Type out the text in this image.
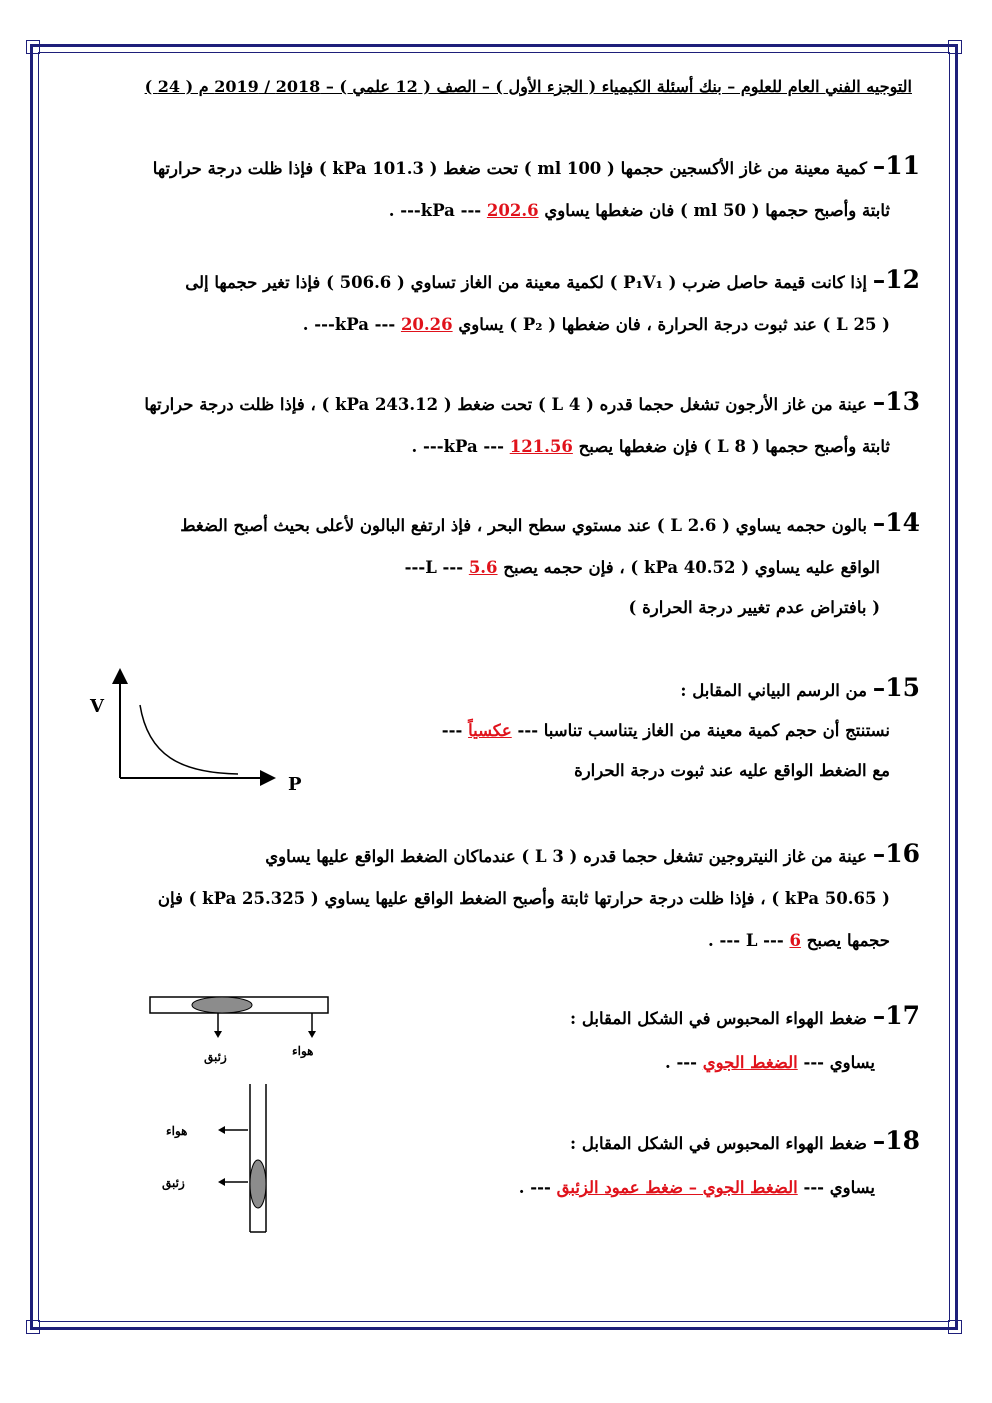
التوجيه الفني العام للعلوم – بنك أسئلة الكيمياء ( الجزء الأول ) – الصف ( 12 علمي ) – 2018 / 2019 م ( 24 )
11– كمية معينة من غاز الأكسجين حجمها ( 100 ml ) تحت ضغط ( 101.3 kPa ) فإذا ظلت درجة حرارتها
ثابتة وأصبح حجمها ( 50 ml ) فان ضغطها يساوي kPa --- 202.6--- .
12– إذا كانت قيمة حاصل ضرب ( P₁V₁ ) لكمية معينة من الغاز تساوي ( 506.6 ) فإذا تغير حجمها إلى
( 25 L ) عند ثبوت درجة الحرارة ، فان ضغطها ( P₂ ) يساوي kPa --- 20.26--- .
13– عينة من غاز الأرجون تشغل حجما قدره ( 4 L ) تحت ضغط ( 243.12 kPa ) ، فإذا ظلت درجة حرارتها
ثابتة وأصبح حجمها ( 8 L ) فإن ضغطها يصبح kPa --- 121.56--- .
14– بالون حجمه يساوي ( 2.6 L ) عند مستوي سطح البحر ، فإذ ارتفع البالون لأعلى بحيث أصبح الضغط
الواقع عليه يساوي ( 40.52 kPa ) ، فإن حجمه يصبح L --- 5.6---
( بافتراض عدم تغيير درجة الحرارة )
15– من الرسم البياني المقابل :
نستنتج أن حجم كمية معينة من الغاز يتناسب تناسبا --- عكسياً ---
مع الضغط الواقع عليه عند ثبوت درجة الحرارة
V
P
16– عينة من غاز النيتروجين تشغل حجما قدره ( 3 L ) عندماكان الضغط الواقع عليها يساوي
( 50.65 kPa ) ، فإذا ظلت درجة حرارتها ثابتة وأصبح الضغط الواقع عليها يساوي ( 25.325 kPa ) فإن
حجمها يصبح L --- 6 --- .
17– ضغط الهواء المحبوس في الشكل المقابل :
يساوي --- الضغط الجوي --- .
هواء
زئبق
18– ضغط الهواء المحبوس في الشكل المقابل :
يساوي --- الضغط الجوي – ضغط عمود الزئبق --- .
هواء
زئبق
